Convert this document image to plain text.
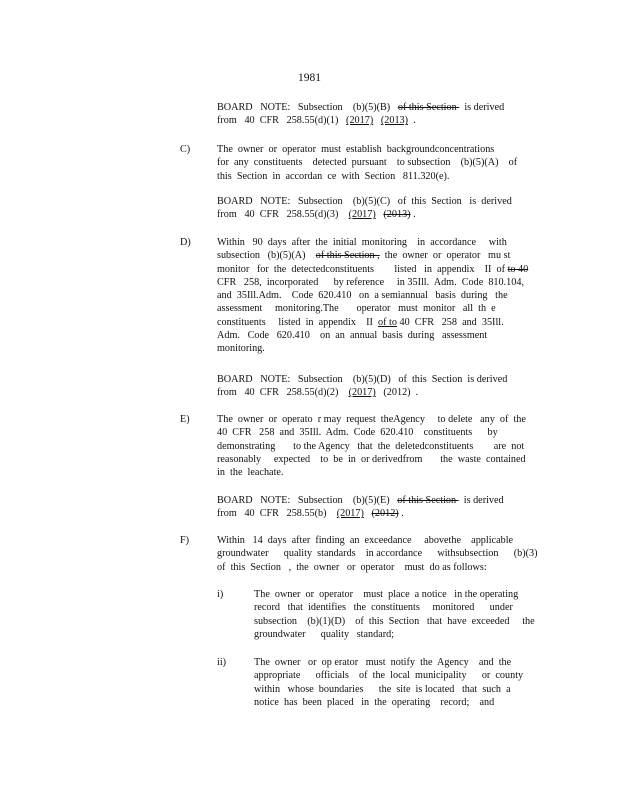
1981
BOARD   NOTE:   Subsection    (b)(5)(B)   of this Section   is derived
from   40  CFR   258.55(d)(1)   (2017) (2013)  .
C)	The  owner  or  operator  must  establish  backgroundconcentrations
for  any  constituents    detected  pursuant    to subsection    (b)(5)(A)    of
this  Section  in  accordan  ce  with  Section   811.320(e).
BOARD   NOTE:   Subsection    (b)(5)(C)   of  this  Section   is  derived
from   40  CFR   258.55(d)(3)    (2017) (2013) .
D)	Within   90  days  after  the  initial  monitoring    in  accordance     with
subsection   (b)(5)(A)    of this Section ,  the  owner  or  operator   mu st
monitor   for  the  detectedconstituents        listed   in  appendix    II  of to 40
CFR   258,  incorporated      by reference     in 35Ill.  Adm.  Code  810.104,
and  35Ill.Adm.    Code  620.410   on  a semiannual   basis  during   the
assessment     monitoring.The       operator   must  monitor   all  th  e
constituents     listed  in  appendix    II  of to 40  CFR   258  and  35Ill.
Adm.   Code   620.410    on  an  annual  basis  during   assessment
monitoring.
BOARD   NOTE:   Subsection    (b)(5)(D)   of  this  Section  is derived
from   40  CFR   258.55(d)(2)    (2017)   (2012)  .
E)	The  owner  or  operato  r may  request  theAgency     to delete   any  of  the
40  CFR   258  and  35Ill.  Adm.  Code  620.410    constituents      by
demonstrating       to the Agency   that  the  deletedconstituents        are  not
reasonably     expected    to  be  in  or derivedfrom       the  waste  contained
in  the  leachate.
BOARD   NOTE:   Subsection    (b)(5)(E)   of this Section   is derived
from   40  CFR   258.55(b)    (2017) (2012) .
F)	Within   14  days  after  finding  an  exceedance     abovethe    applicable
groundwater      quality  standards    in accordance      withsubsection      (b)(3)
of  this  Section   ,  the  owner   or  operator    must  do as follows:
i)	The  owner  or  operator    must  place  a notice   in the operating
record   that  identifies   the  constituents     monitored      under
subsection    (b)(1)(D)    of  this  Section   that  have  exceeded     the
groundwater      quality   standard;
ii)	The  owner   or  op erator   must  notify  the  Agency    and  the
appropriate      officials    of  the  local  municipality      or  county
within   whose  boundaries      the  site  is located   that  such  a
notice  has  been  placed   in  the  operating    record;    and
